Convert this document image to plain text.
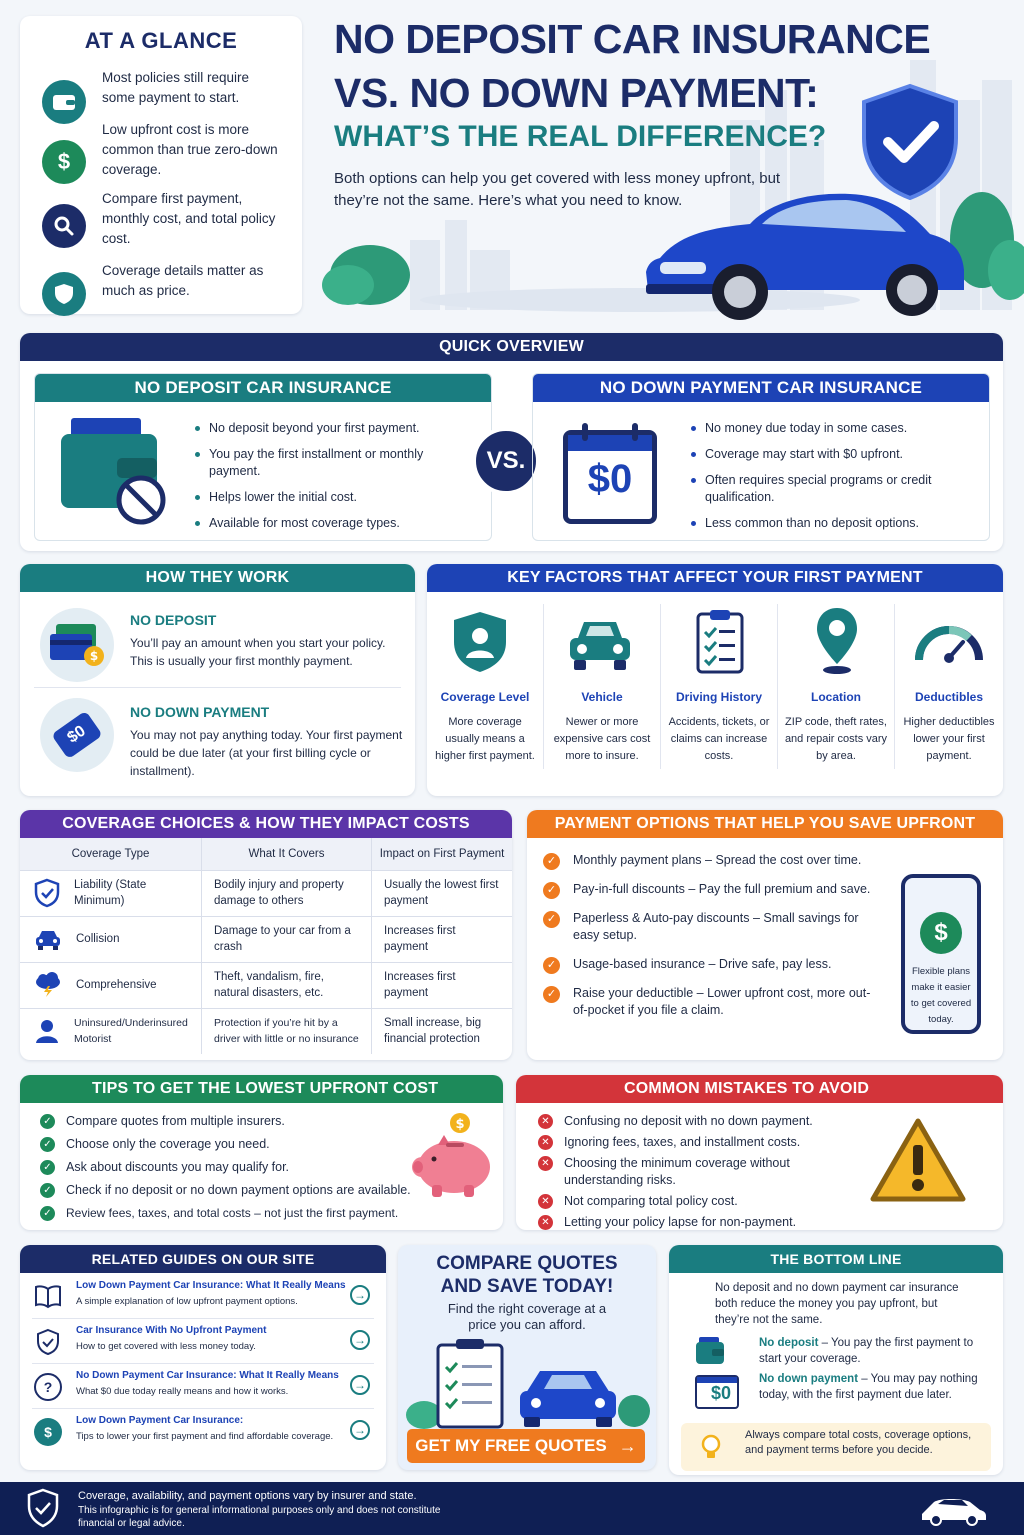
AT A GLANCE
Most policies still require some payment to start.
$
Low upfront cost is more common than true zero-down coverage.
Compare first payment, monthly cost, and total policy cost.
Coverage details matter as much as price.
NO DEPOSIT CAR INSURANCE
VS. NO DOWN PAYMENT:
WHAT’S THE REAL DIFFERENCE?
Both options can help you get covered with less money upfront, but they’re not the same. Here’s what you need to know.
QUICK OVERVIEW
NO DEPOSIT CAR INSURANCE
No deposit beyond your first payment.
You pay the first installment or monthly payment.
Helps lower the initial cost.
Available for most coverage types.
VS.
NO DOWN PAYMENT CAR INSURANCE
$0
No money due today in some cases.
Coverage may start with $0 upfront.
Often requires special programs or credit qualification.
Less common than no deposit options.
HOW THEY WORK
$
NO DEPOSIT
You’ll pay an amount when you start your policy. This is usually your first monthly payment.
$0
NO DOWN PAYMENT
You may not pay anything today. Your first payment could be due later (at your first billing cycle or installment).
KEY FACTORS THAT AFFECT YOUR FIRST PAYMENT
Coverage Level
More coverage usually means a higher first payment.
Vehicle
Newer or more expensive cars cost more to insure.
Driving History
Accidents, tickets, or claims can increase costs.
Location
ZIP code, theft rates, and repair costs vary by area.
Deductibles
Higher deductibles lower your first payment.
COVERAGE CHOICES & HOW THEY IMPACT COSTS
Coverage Type	What It Covers	Impact on First Payment

Liability (State Minimum)	Bodily injury and property damage to others	Usually the lowest first payment

Collision	Damage to your car from a crash	Increases first payment

Comprehensive	Theft, vandalism, fire, natural disasters, etc.	Increases first payment

Uninsured/Underinsured Motorist	Protection if you’re hit by a driver with little or no insurance	Small increase, big financial protection
PAYMENT OPTIONS THAT HELP YOU SAVE UPFRONT
✓	Monthly payment plans – Spread the cost over time.
✓	Pay-in-full discounts – Pay the full premium and save.
✓	Paperless & Auto-pay discounts – Small savings for easy setup.
✓	Usage-based insurance – Drive safe, pay less.
✓	Raise your deductible – Lower upfront cost, more out-of-pocket if you file a claim.
$
Flexible plans make it easier to get covered today.
TIPS TO GET THE LOWEST UPFRONT COST
✓ Compare quotes from multiple insurers.
✓ Choose only the coverage you need.
✓ Ask about discounts you may qualify for.
✓ Check if no deposit or no down payment options are available.
✓ Review fees, taxes, and total costs – not just the first payment.
$
COMMON MISTAKES TO AVOID
✕ Confusing no deposit with no down payment.
✕ Ignoring fees, taxes, and installment costs.
✕ Choosing the minimum coverage without understanding risks.
✕ Not comparing total policy cost.
✕ Letting your policy lapse for non-payment.
RELATED GUIDES ON OUR SITE
Low Down Payment Car Insurance: What It Really Means
A simple explanation of low upfront payment options.	→
Car Insurance With No Upfront Payment
How to get covered with less money today.	→
?
No Down Payment Car Insurance: What It Really Means
What $0 due today really means and how it works.	→
$
Low Down Payment Car Insurance:
Tips to lower your first payment and find affordable coverage.	→
COMPARE QUOTES
AND SAVE TODAY!
Find the right coverage at a price you can afford.
GET MY FREE QUOTES →
THE BOTTOM LINE
No deposit and no down payment car insurance both reduce the money you pay upfront, but they’re not the same.
No deposit – You pay the first payment to start your coverage.
$0
No down payment – You may pay nothing today, with the first payment due later.
Always compare total costs, coverage options, and payment terms before you decide.
Coverage, availability, and payment options vary by insurer and state.
This infographic is for general informational purposes only and does not constitute financial or legal advice.
